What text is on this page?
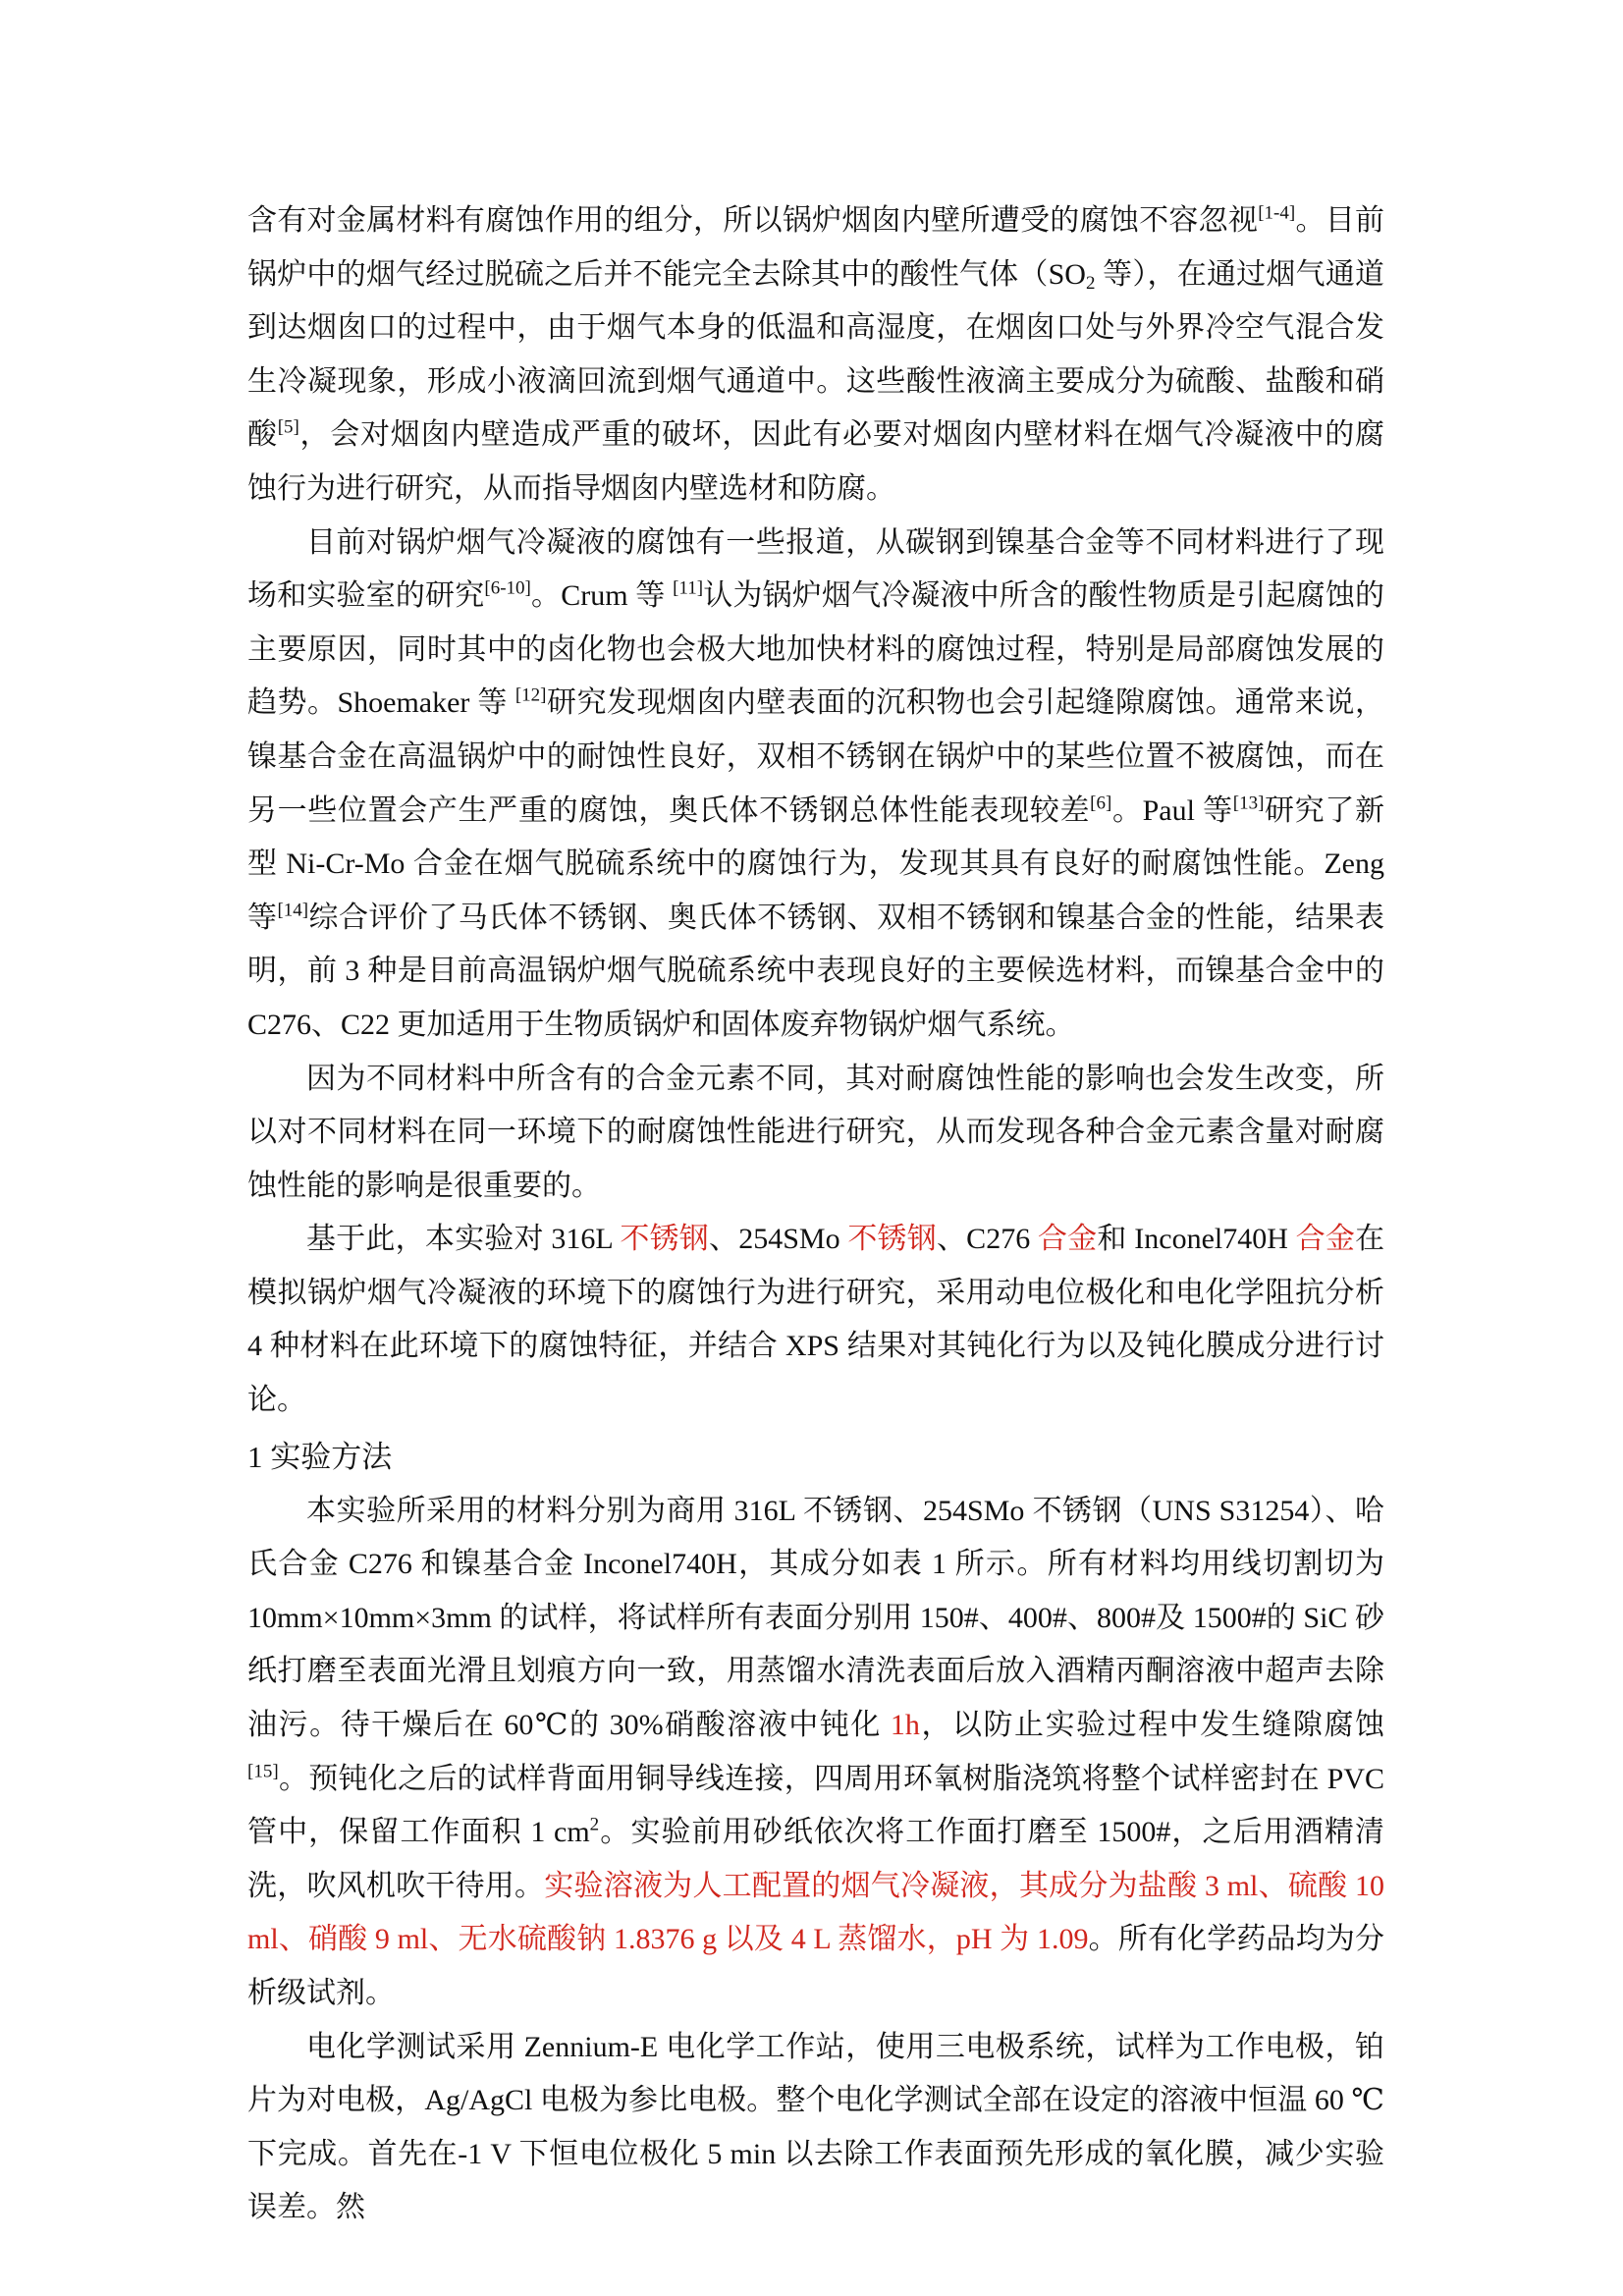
含有对金属材料有腐蚀作用的组分，所以锅炉烟囱内壁所遭受的腐蚀不容忽视[1-4]。目前锅炉中的烟气经过脱硫之后并不能完全去除其中的酸性气体（$SO_2$ 等），在通过烟气通道到达烟囱口的过程中，由于烟气本身的低温和高湿度，在烟囱口处与外界冷空气混合发生冷凝现象，形成小液滴回流到烟气通道中。这些酸性液滴主要成分为硫酸、盐酸和硝酸[5]，会对烟囱内壁造成严重的破坏，因此有必要对烟囱内壁材料在烟气冷凝液中的腐蚀行为进行研究，从而指导烟囱内壁选材和防腐。

目前对锅炉烟气冷凝液的腐蚀有一些报道，从碳钢到镍基合金等不同材料进行了现场和实验室的研究[6-10]。Crum 等 [11]认为锅炉烟气冷凝液中所含的酸性物质是引起腐蚀的主要原因，同时其中的卤化物也会极大地加快材料的腐蚀过程，特别是局部腐蚀发展的趋势。Shoemaker 等 [12]研究发现烟囱内壁表面的沉积物也会引起缝隙腐蚀。通常来说，镍基合金在高温锅炉中的耐蚀性良好，双相不锈钢在锅炉中的某些位置不被腐蚀，而在另一些位置会产生严重的腐蚀，奥氏体不锈钢总体性能表现较差[6]。Paul 等[13]研究了新型 Ni-Cr-Mo 合金在烟气脱硫系统中的腐蚀行为，发现其具有良好的耐腐蚀性能。Zeng 等[14]综合评价了马氏体不锈钢、奥氏体不锈钢、双相不锈钢和镍基合金的性能，结果表明，前 3 种是目前高温锅炉烟气脱硫系统中表现良好的主要候选材料，而镍基合金中的 C276、C22 更加适用于生物质锅炉和固体废弃物锅炉烟气系统。

因为不同材料中所含有的合金元素不同，其对耐腐蚀性能的影响也会发生改变，所以对不同材料在同一环境下的耐腐蚀性能进行研究，从而发现各种合金元素含量对耐腐蚀性能的影响是很重要的。

基于此，本实验对 316L 不锈钢、254SMo 不锈钢、C276 合金和 Inconel740H 合金在模拟锅炉烟气冷凝液的环境下的腐蚀行为进行研究，采用动电位极化和电化学阻抗分析 4 种材料在此环境下的腐蚀特征，并结合 XPS 结果对其钝化行为以及钝化膜成分进行讨论。

1 实验方法

本实验所采用的材料分别为商用 316L 不锈钢、254SMo 不锈钢（UNS S31254）、哈氏合金 C276 和镍基合金 Inconel740H，其成分如表 1 所示。所有材料均用线切割切为 10mm×10mm×3mm 的试样，将试样所有表面分别用 150#、400#、800#及 1500#的 SiC 砂纸打磨至表面光滑且划痕方向一致，用蒸馏水清洗表面后放入酒精丙酮溶液中超声去除油污。待干燥后在 60℃的 30%硝酸溶液中钝化 1h，以防止实验过程中发生缝隙腐蚀[15]。预钝化之后的试样背面用铜导线连接，四周用环氧树脂浇筑将整个试样密封在 PVC 管中，保留工作面积 1 $cm^2$。实验前用砂纸依次将工作面打磨至 1500#，之后用酒精清洗，吹风机吹干待用。实验溶液为人工配置的烟气冷凝液，其成分为盐酸 3 ml、硫酸 10 ml、硝酸 9 ml、无水硫酸钠 1.8376 g 以及 4 L 蒸馏水，pH 为 1.09。所有化学药品均为分析级试剂。

电化学测试采用 Zennium-E 电化学工作站，使用三电极系统，试样为工作电极，铂片为对电极，Ag/AgCl 电极为参比电极。整个电化学测试全部在设定的溶液中恒温 60 ℃下完成。首先在-1 V 下恒电位极化 5 min 以去除工作表面预先形成的氧化膜，减少实验误差。然
